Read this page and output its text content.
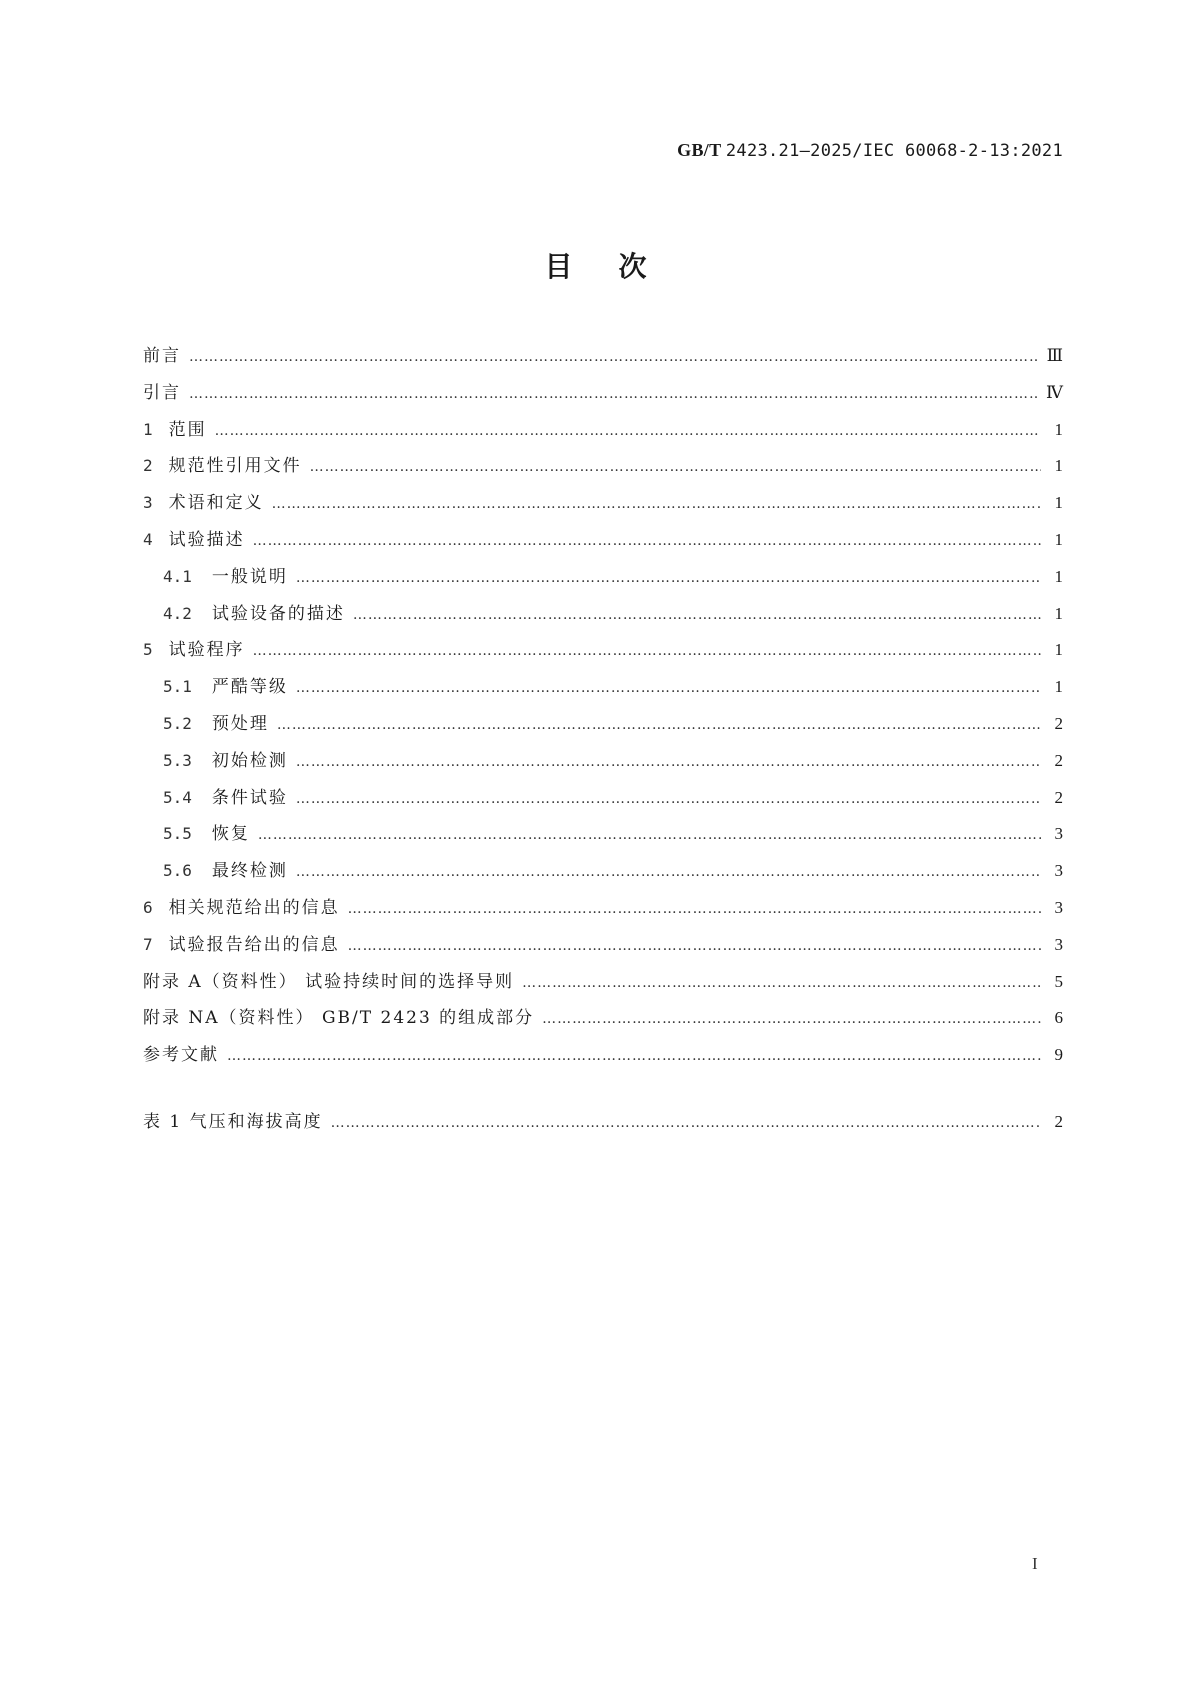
GB/T 2423.21—2025/IEC 60068-2-13:2021
目次
前言 ………………………………………………………………………………………………………………………………………………………………………………………………………………………………………………………	Ⅲ
引言 ………………………………………………………………………………………………………………………………………………………………………………………………………………………………………………………	Ⅳ
1 范围 ………………………………………………………………………………………………………………………………………………………………………………………………………………………………………………………	1
2 规范性引用文件 ………………………………………………………………………………………………………………………………………………………………………………………………………………………………………………………	1
3 术语和定义 ………………………………………………………………………………………………………………………………………………………………………………………………………………………………………………………	1
4 试验描述 ………………………………………………………………………………………………………………………………………………………………………………………………………………………………………………………	1
4.1 一般说明 ………………………………………………………………………………………………………………………………………………………………………………………………………………………………………………………	1
4.2 试验设备的描述 ………………………………………………………………………………………………………………………………………………………………………………………………………………………………………………………	1
5 试验程序 ………………………………………………………………………………………………………………………………………………………………………………………………………………………………………………………	1
5.1 严酷等级 ………………………………………………………………………………………………………………………………………………………………………………………………………………………………………………………	1
5.2 预处理 ………………………………………………………………………………………………………………………………………………………………………………………………………………………………………………………	2
5.3 初始检测 ………………………………………………………………………………………………………………………………………………………………………………………………………………………………………………………	2
5.4 条件试验 ………………………………………………………………………………………………………………………………………………………………………………………………………………………………………………………	2
5.5 恢复 ………………………………………………………………………………………………………………………………………………………………………………………………………………………………………………………	3
5.6 最终检测 ………………………………………………………………………………………………………………………………………………………………………………………………………………………………………………………	3
6 相关规范给出的信息 ………………………………………………………………………………………………………………………………………………………………………………………………………………………………………………………	3
7 试验报告给出的信息 ………………………………………………………………………………………………………………………………………………………………………………………………………………………………………………………	3
附录 A（资料性） 试验持续时间的选择导则 ………………………………………………………………………………………………………………………………………………………………………………………………………………………………………………………	5
附录 NA（资料性） GB/T 2423 的组成部分 ………………………………………………………………………………………………………………………………………………………………………………………………………………………………………………………	6
参考文献 ………………………………………………………………………………………………………………………………………………………………………………………………………………………………………………………	9
表 1 气压和海拔高度 ………………………………………………………………………………………………………………………………………………………………………………………………………………………………………………………	2
I
